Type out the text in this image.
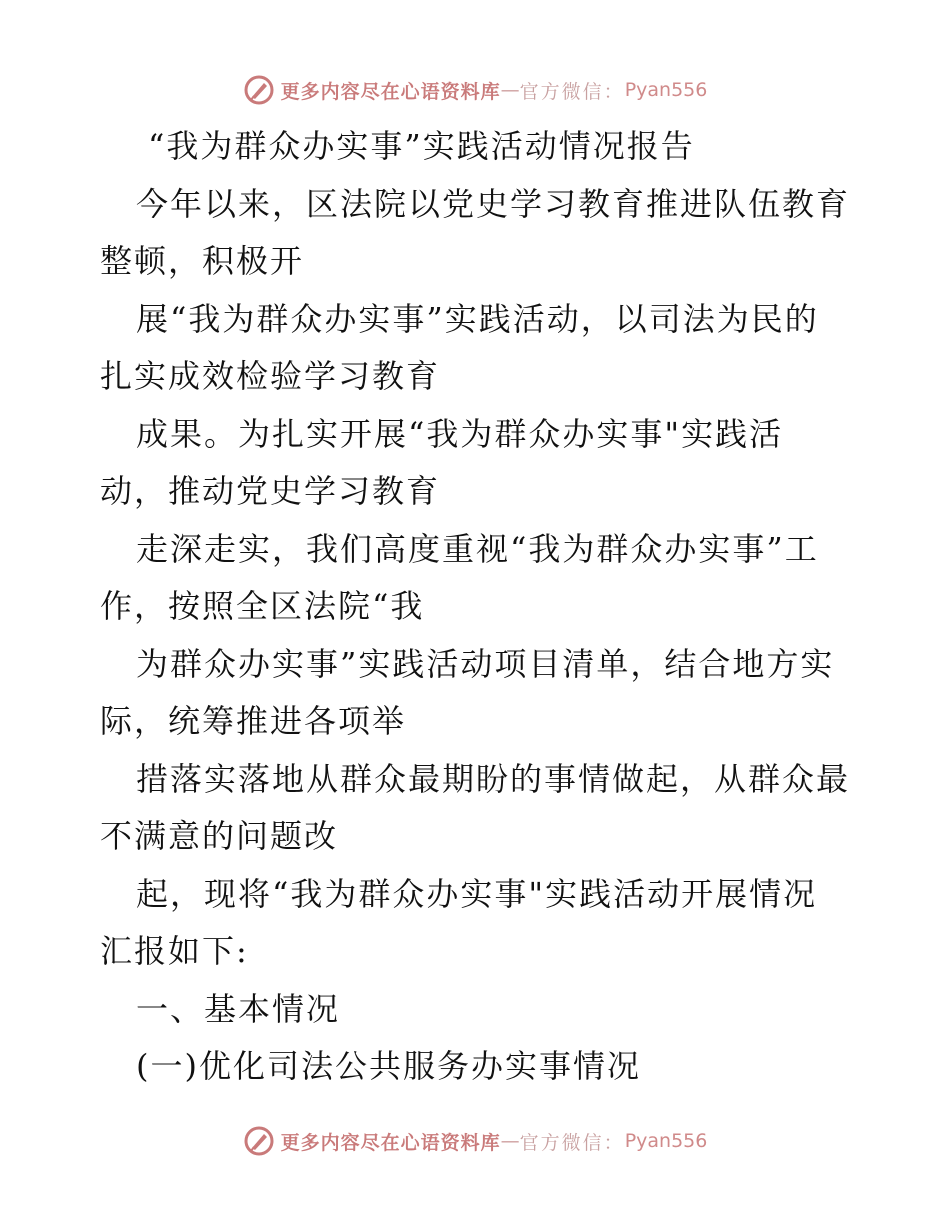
更多内容尽在心语资料库 — 官方微信： Pyan556
“我为群众办实事”实践活动情况报告
今年以来，区法院以党史学习教育推进队伍教育
整顿，积极开
展“我为群众办实事”实践活动，以司法为民的
扎实成效检验学习教育
成果。为扎实开展“我为群众办实事"实践活
动，推动党史学习教育
走深走实，我们高度重视“我为群众办实事”工
作，按照全区法院“我
为群众办实事”实践活动项目清单，结合地方实
际，统筹推进各项举
措落实落地从群众最期盼的事情做起，从群众最
不满意的问题改
起，现将“我为群众办实事"实践活动开展情况
汇报如下:
一、基本情况
(一)优化司法公共服务办实事情况
更多内容尽在心语资料库 — 官方微信： Pyan556
